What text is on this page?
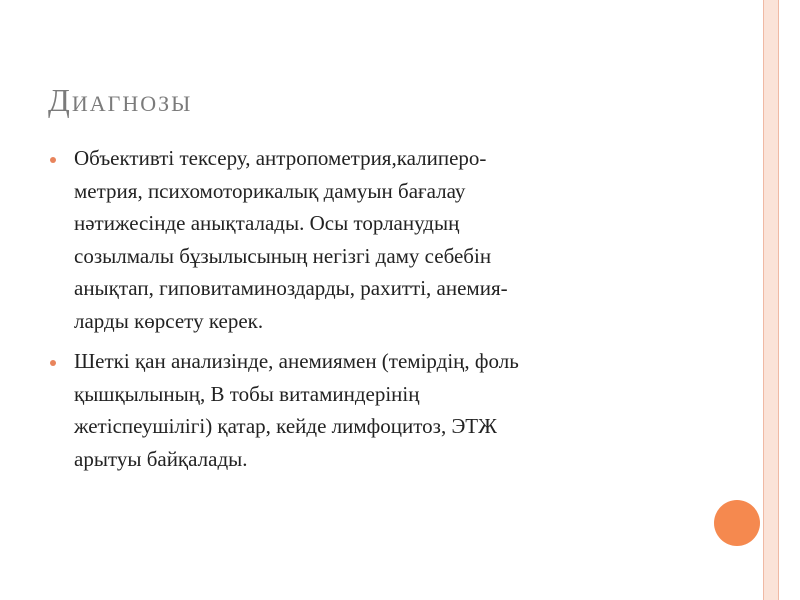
Диагнозы
Объективті тексеру, антропометрия,калиперо-
метрия, психомоторикалық дамуын бағалау
нәтижесінде анықталады. Осы торланудың
созылмалы бұзылысының негізгі даму себебін
анықтап, гиповитаминоздарды, рахитті, анемия-
ларды көрсету керек.
Шеткі қан анализінде, анемиямен (темірдің, фоль
қышқылының, В тобы витаминдерінің
жетіспеушілігі) қатар, кейде лимфоцитоз, ЭТЖ
арытуы байқалады.
